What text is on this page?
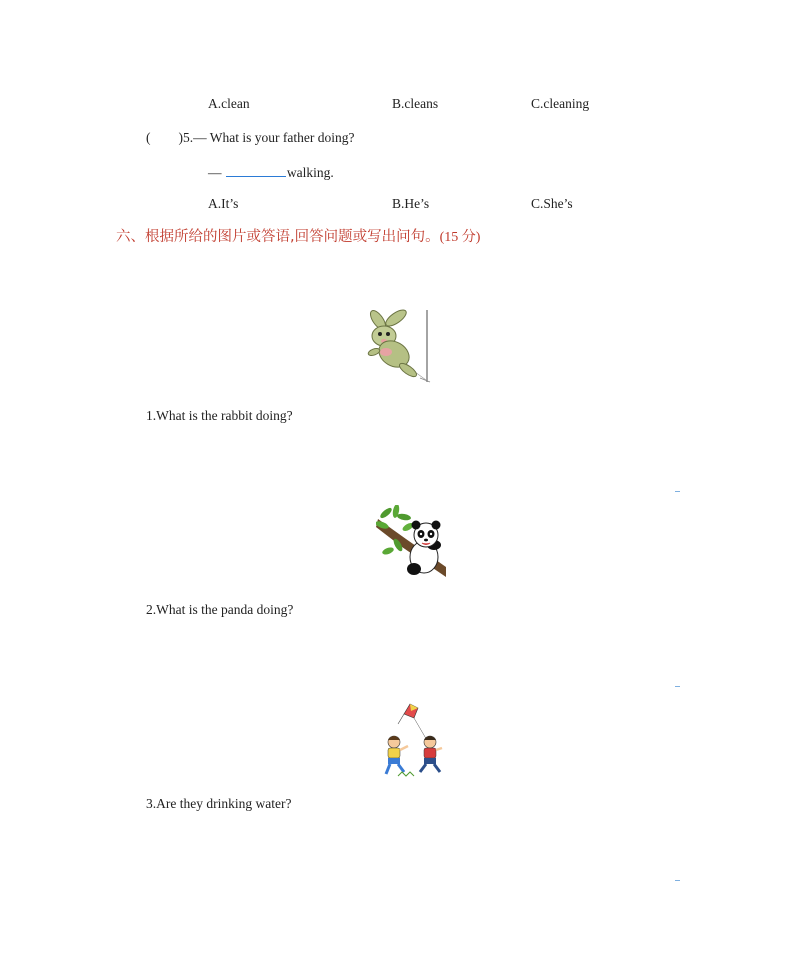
A.clean	B.cleans	C.cleaning
( )5.— What is your father doing?
—	walking.
A.It’s	B.He’s	C.She’s
六、根据所给的图片或答语,回答问题或写出问句。(15 分)
1.What is the rabbit doing?
2.What is the panda doing?
3.Are they drinking water?
